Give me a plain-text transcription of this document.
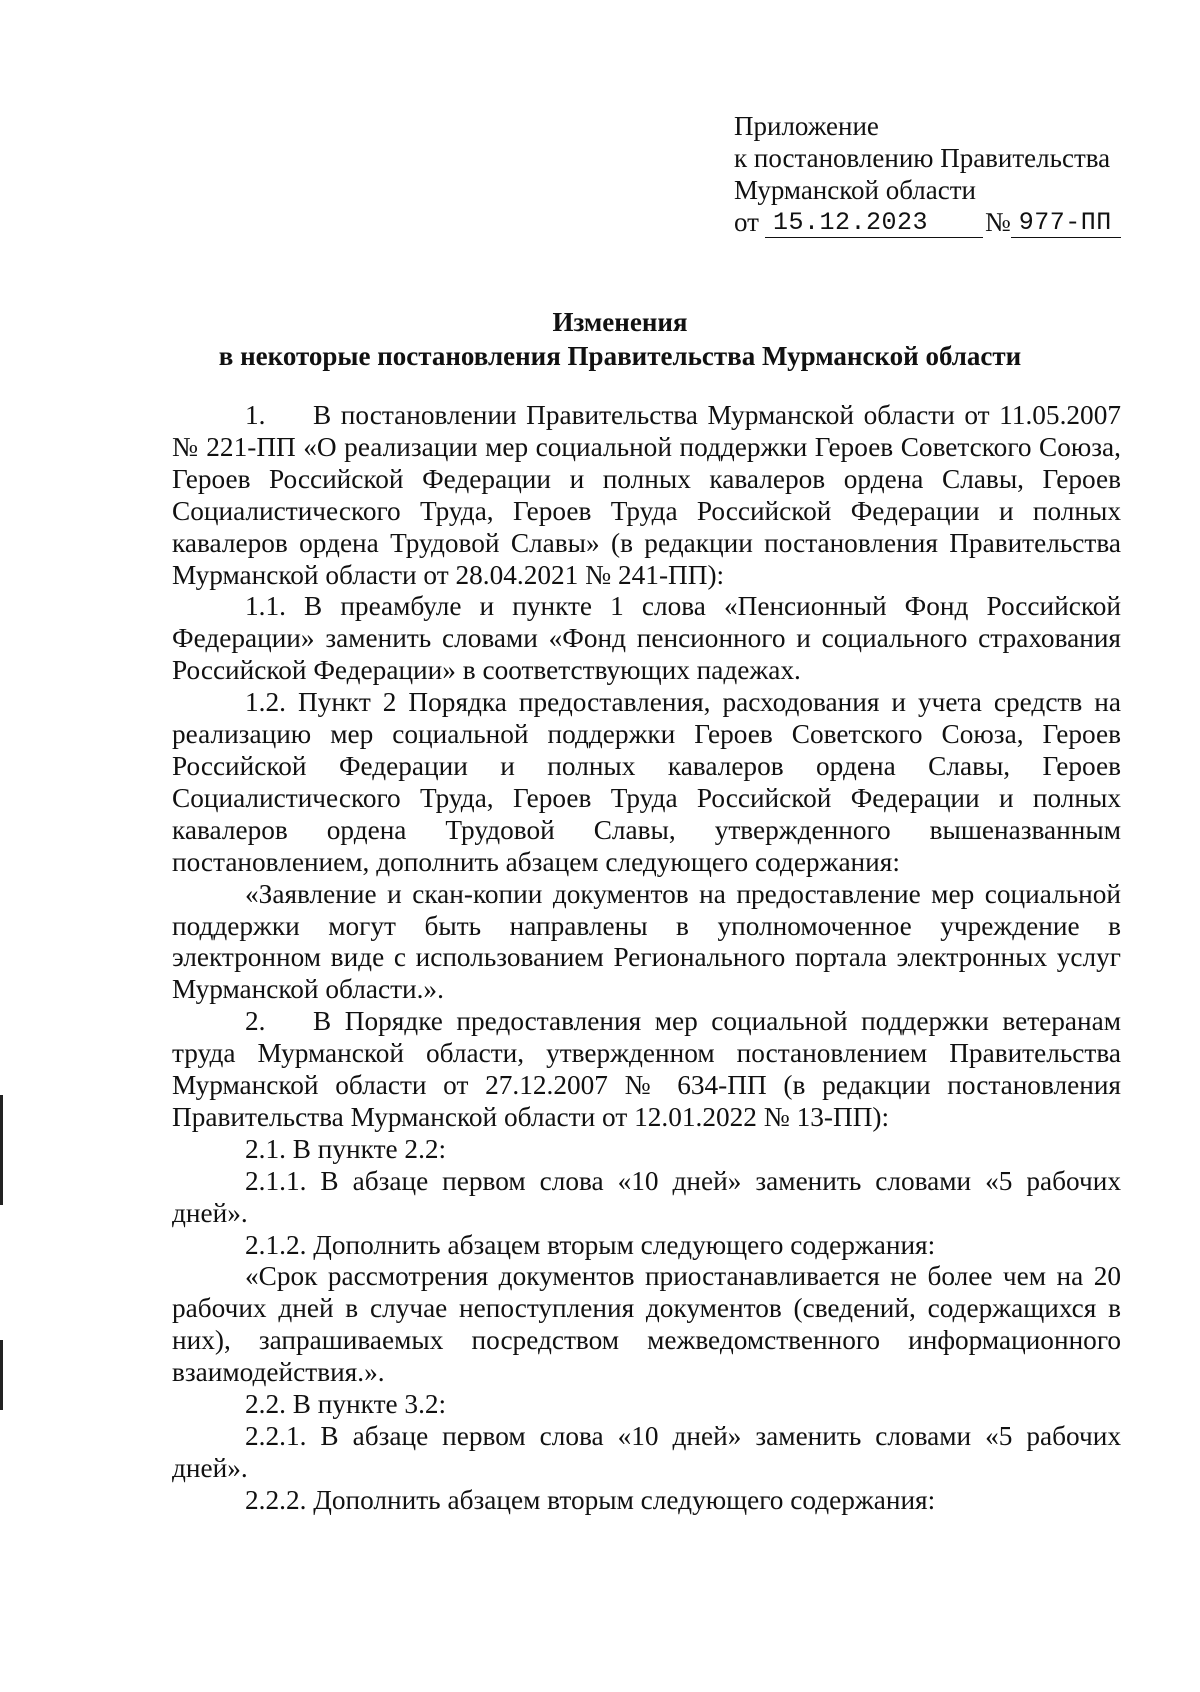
Приложение
к постановлению Правительства
Мурманской области
от 15.12.2023	№ 977-ПП
Изменения
в некоторые постановления Правительства Мурманской области

1. В постановлении Правительства Мурманской области от 11.05.2007 № 221-ПП «О реализации мер социальной поддержки Героев Советского Союза, Героев Российской Федерации и полных кавалеров ордена Славы, Героев Социалистического Труда, Героев Труда Российской Федерации и полных кавалеров ордена Трудовой Славы» (в редакции постановления Правительства Мурманской области от 28.04.2021 № 241-ПП):

1.1. В преамбуле и пункте 1 слова «Пенсионный Фонд Российской Федерации» заменить словами «Фонд пенсионного и социального страхования Российской Федерации» в соответствующих падежах.

1.2. Пункт 2 Порядка предоставления, расходования и учета средств на реализацию мер социальной поддержки Героев Советского Союза, Героев Российской Федерации и полных кавалеров ордена Славы, Героев Социалистического Труда, Героев Труда Российской Федерации и полных кавалеров ордена Трудовой Славы, утвержденного вышеназванным постановлением, дополнить абзацем следующего содержания:

«Заявление и скан-копии документов на предоставление мер социальной поддержки могут быть направлены в уполномоченное учреждение в электронном виде с использованием Регионального портала электронных услуг Мурманской области.».

2. В Порядке предоставления мер социальной поддержки ветеранам труда Мурманской области, утвержденном постановлением Правительства Мурманской области от 27.12.2007 № 634-ПП (в редакции постановления Правительства Мурманской области от 12.01.2022 № 13-ПП):

2.1. В пункте 2.2:

2.1.1. В абзаце первом слова «10 дней» заменить словами «5 рабочих дней».

2.1.2. Дополнить абзацем вторым следующего содержания:

«Срок рассмотрения документов приостанавливается не более чем на 20 рабочих дней в случае непоступления документов (сведений, содержащихся в них), запрашиваемых посредством межведомственного информационного взаимодействия.».

2.2. В пункте 3.2:

2.2.1. В абзаце первом слова «10 дней» заменить словами «5 рабочих дней».

2.2.2. Дополнить абзацем вторым следующего содержания:
